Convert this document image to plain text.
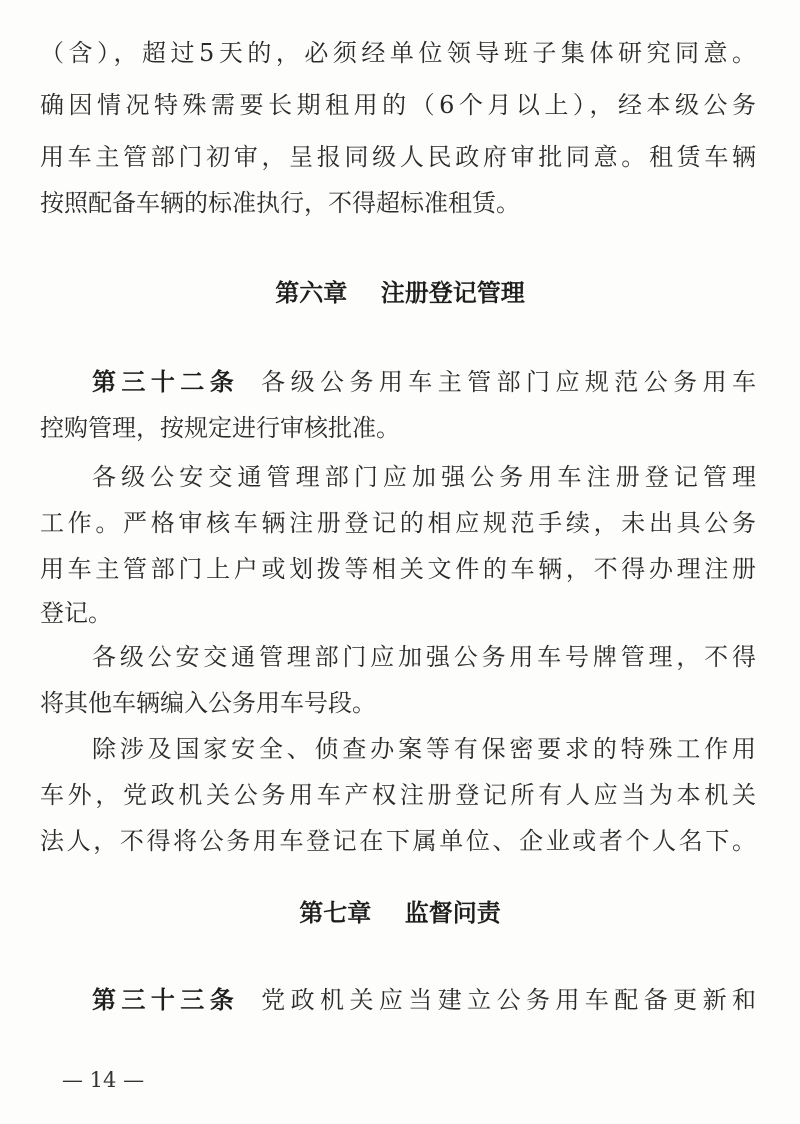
（含），超过5天的，必须经单位领导班子集体研究同意。
确因情况特殊需要长期租用的（6个月以上），经本级公务
用车主管部门初审，呈报同级人民政府审批同意。租赁车辆
按照配备车辆的标准执行，不得超标准租赁。
第六章    注册登记管理
第三十二条 各级公务用车主管部门应规范公务用车
控购管理，按规定进行审核批准。
各级公安交通管理部门应加强公务用车注册登记管理
工作。严格审核车辆注册登记的相应规范手续，未出具公务
用车主管部门上户或划拨等相关文件的车辆，不得办理注册
登记。
各级公安交通管理部门应加强公务用车号牌管理，不得
将其他车辆编入公务用车号段。
除涉及国家安全、侦查办案等有保密要求的特殊工作用
车外，党政机关公务用车产权注册登记所有人应当为本机关
法人，不得将公务用车登记在下属单位、企业或者个人名下。
第七章    监督问责
第三十三条 党政机关应当建立公务用车配备更新和
— 14 —
